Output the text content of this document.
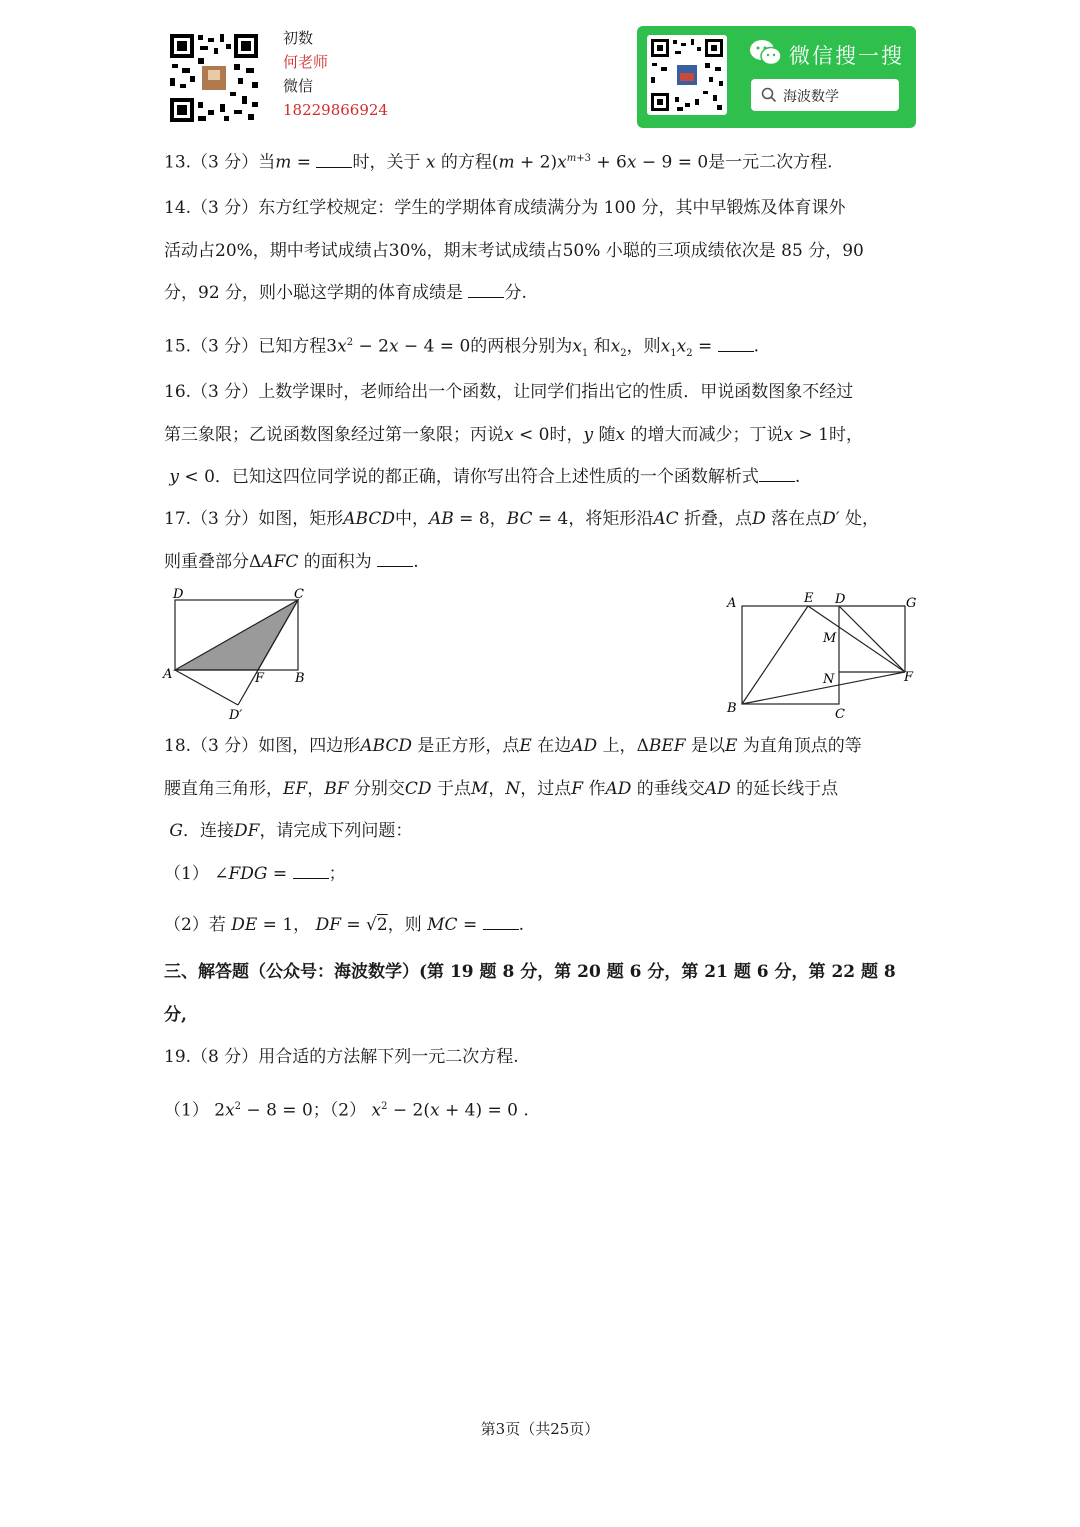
初数
何老师
微信
18229866924
微信搜一搜
海波数学
13.（3 分）当m = 时，关于 x 的方程$(m + 2)x^{m+3} + 6x - 9 = 0$是一元二次方程.
14.（3 分）东方红学校规定：学生的学期体育成绩满分为 100 分，其中早锻炼及体育课外
活动占20%，期中考试成绩占30%，期末考试成绩占50% 小聪的三项成绩依次是 85 分，90
分，92 分，则小聪这学期的体育成绩是 分.
15.（3 分）已知方程$3x^2 - 2x - 4 = 0$的两根分别为$x_1$ 和$x_2$，则$x_1x_2$ = .
16.（3 分）上数学课时，老师给出一个函数，让同学们指出它的性质．甲说函数图象不经过
第三象限；乙说函数图象经过第一象限；丙说x < 0时，y 随x 的增大而减少；丁说x > 1时，
y < 0．已知这四位同学说的都正确，请你写出符合上述性质的一个函数解析式 .
17.（3 分）如图，矩形ABCD中，AB = 8，BC = 4，将矩形沿AC 折叠，点D 落在点D′ 处，
则重叠部分ΔAFC 的面积为 .
D	C
A	F B
D′
A	E D	G
M
N	F
B	C
18.（3 分）如图，四边形ABCD 是正方形，点E 在边AD 上，ΔBEF 是以E 为直角顶点的等
腰直角三角形，EF，BF 分别交CD 于点M，N，过点F 作AD 的垂线交AD 的延长线于点
G．连接DF，请完成下列问题：
（1） ∠FDG = ；
（2）若 DE = 1， DF = √2，则 MC = .
三、解答题（公众号：海波数学）(第 19 题 8 分，第 20 题 6 分，第 21 题 6 分，第 22 题 8
分,
19.（8 分）用合适的方法解下列一元二次方程.
（1） $2x^2 - 8 = 0$；（2） $x^2 - 2(x + 4) = 0$ .
第3页（共25页）
